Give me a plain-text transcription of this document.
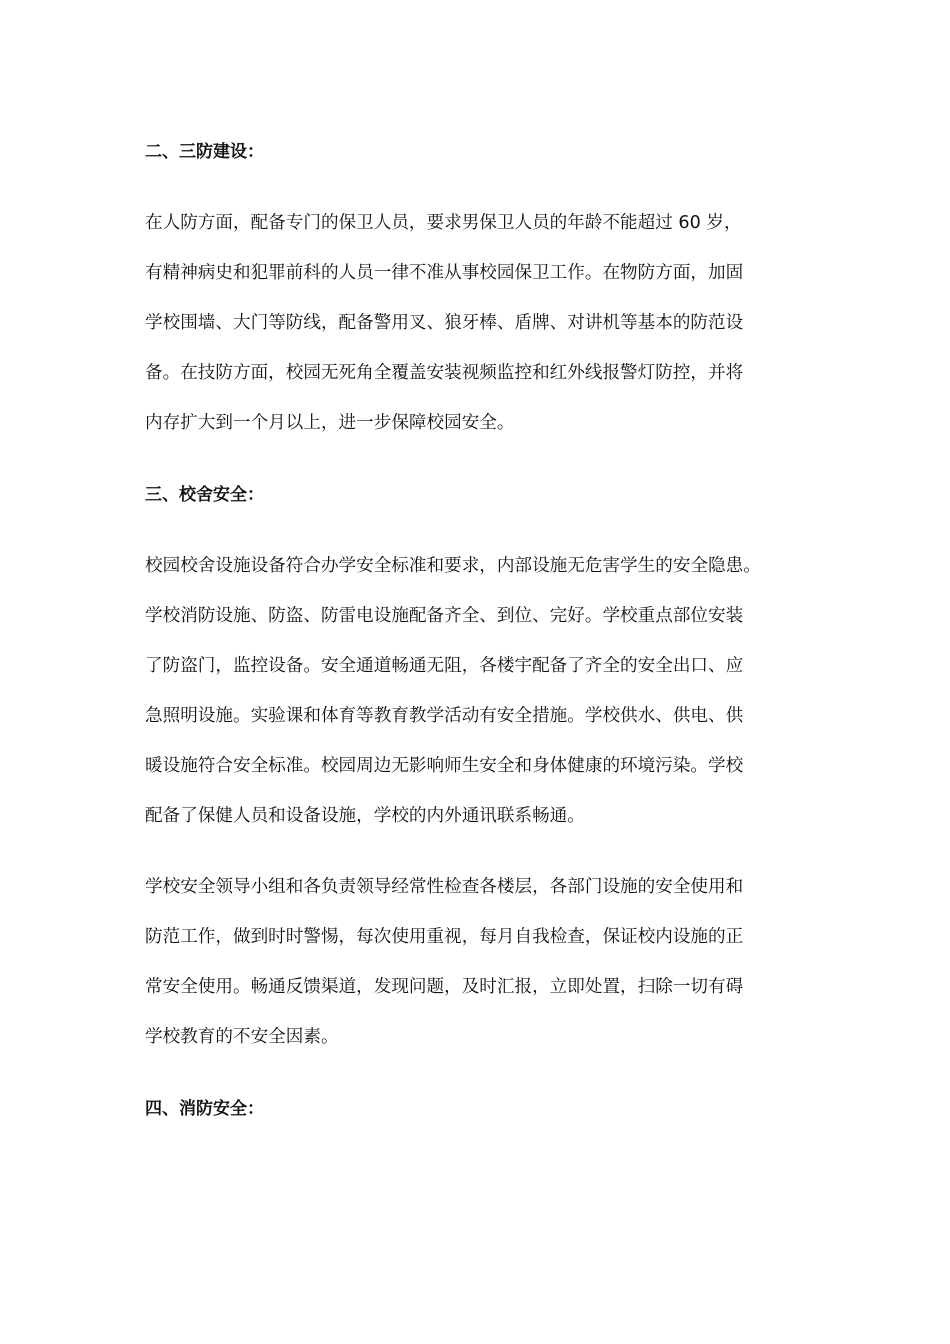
二、三防建设：
在人防方面，配备专门的保卫人员，要求男保卫人员的年龄不能超过 60 岁，
有精神病史和犯罪前科的人员一律不准从事校园保卫工作。在物防方面，加固
学校围墙、大门等防线，配备警用叉、狼牙棒、盾牌、对讲机等基本的防范设
备。在技防方面，校园无死角全覆盖安装视频监控和红外线报警灯防控，并将
内存扩大到一个月以上，进一步保障校园安全。
三、校舍安全：
校园校舍设施设备符合办学安全标准和要求，内部设施无危害学生的安全隐患。
学校消防设施、防盗、防雷电设施配备齐全、到位、完好。学校重点部位安装
了防盗门，监控设备。安全通道畅通无阻，各楼宇配备了齐全的安全出口、应
急照明设施。实验课和体育等教育教学活动有安全措施。学校供水、供电、供
暖设施符合安全标准。校园周边无影响师生安全和身体健康的环境污染。学校
配备了保健人员和设备设施，学校的内外通讯联系畅通。
学校安全领导小组和各负责领导经常性检查各楼层，各部门设施的安全使用和
防范工作，做到时时警惕，每次使用重视，每月自我检查，保证校内设施的正
常安全使用。畅通反馈渠道，发现问题，及时汇报，立即处置，扫除一切有碍
学校教育的不安全因素。
四、消防安全：
